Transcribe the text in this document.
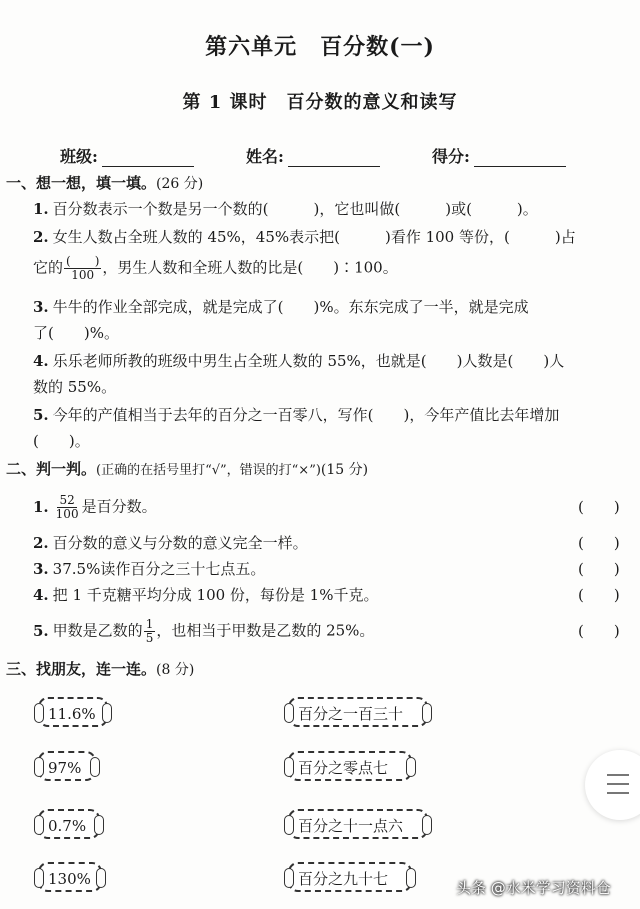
第六单元　百分数(一)
第 1 课时　百分数的意义和读写
班级:	姓名:	得分:
一、想一想，填一填。(26 分)
1. 百分数表示一个数是另一个数的(　　　)，它也叫做(　　　)或(　　　)。
2. 女生人数占全班人数的 45%，45%表示把(　　　)看作 100 等份，(　　　)占
它的 $\frac{( )}{100}$ ，男生人数和全班人数的比是(　　)∶100。
3. 牛牛的作业全部完成，就是完成了(　　)%。东东完成了一半，就是完成
了(　　)%。
4. 乐乐老师所教的班级中男生占全班人数的 55%，也就是(　　)人数是(　　)人
数的 55%。
5. 今年的产值相当于去年的百分之一百零八，写作(　　)，今年产值比去年增加
(　　)。
二、判一判。(正确的在括号里打“√”，错误的打“×”)(15 分)
1. $\frac{52}{100}$ 是百分数。	(　　)
2. 百分数的意义与分数的意义完全一样。	(　　)
3. 37.5%读作百分之三十七点五。	(　　)
4. 把 1 千克糖平均分成 100 份，每份是 1%千克。	(　　)
5. 甲数是乙数的 $\frac{1}{5}$ ，也相当于甲数是乙数的 25%。	(　　)
三、找朋友，连一连。(8 分)
11.6%
97%
0.7%
130%
百分之一百三十
百分之零点七
百分之十一点六
百分之九十七	头条 @水米学习资料仓
